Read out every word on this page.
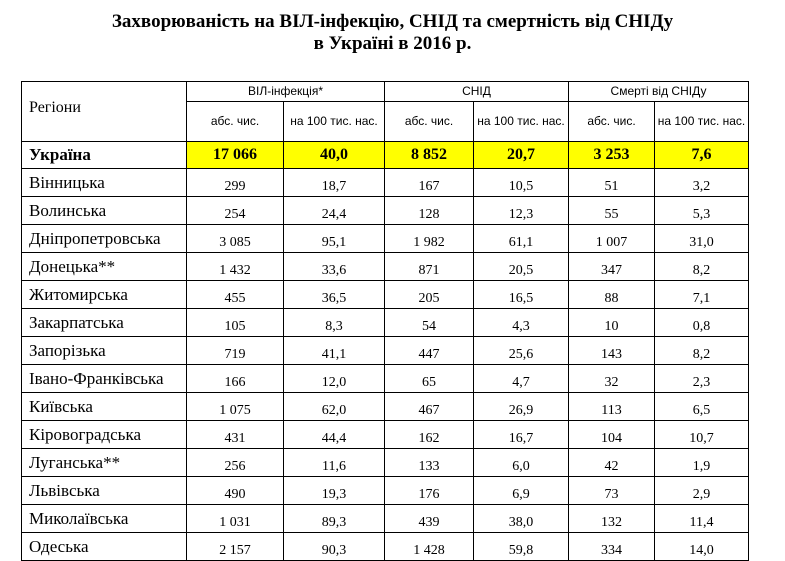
Захворюваність на ВІЛ-інфекцію, СНІД та смертність від СНІДу
в Україні в 2016 р.
Регіони	ВІЛ-інфекція*		СНІД		Смерті від СНІДу	
	абс. чис.	на 100 тис. нас.	абс. чис.	на 100 тис. нас.	абс. чис.	на 100 тис. нас.
Україна	17 066	40,0	8 852	20,7	3 253	7,6
Вінницька	299	18,7	167	10,5	51	3,2
Волинська	254	24,4	128	12,3	55	5,3
Дніпропетровська	3 085	95,1	1 982	61,1	1 007	31,0
Донецька**	1 432	33,6	871	20,5	347	8,2
Житомирська	455	36,5	205	16,5	88	7,1
Закарпатська	105	8,3	54	4,3	10	0,8
Запорізька	719	41,1	447	25,6	143	8,2
Івано-Франківська	166	12,0	65	4,7	32	2,3
Київська	1 075	62,0	467	26,9	113	6,5
Кіровоградська	431	44,4	162	16,7	104	10,7
Луганська**	256	11,6	133	6,0	42	1,9
Львівська	490	19,3	176	6,9	73	2,9
Миколаївська	1 031	89,3	439	38,0	132	11,4
Одеська	2 157	90,3	1 428	59,8	334	14,0
